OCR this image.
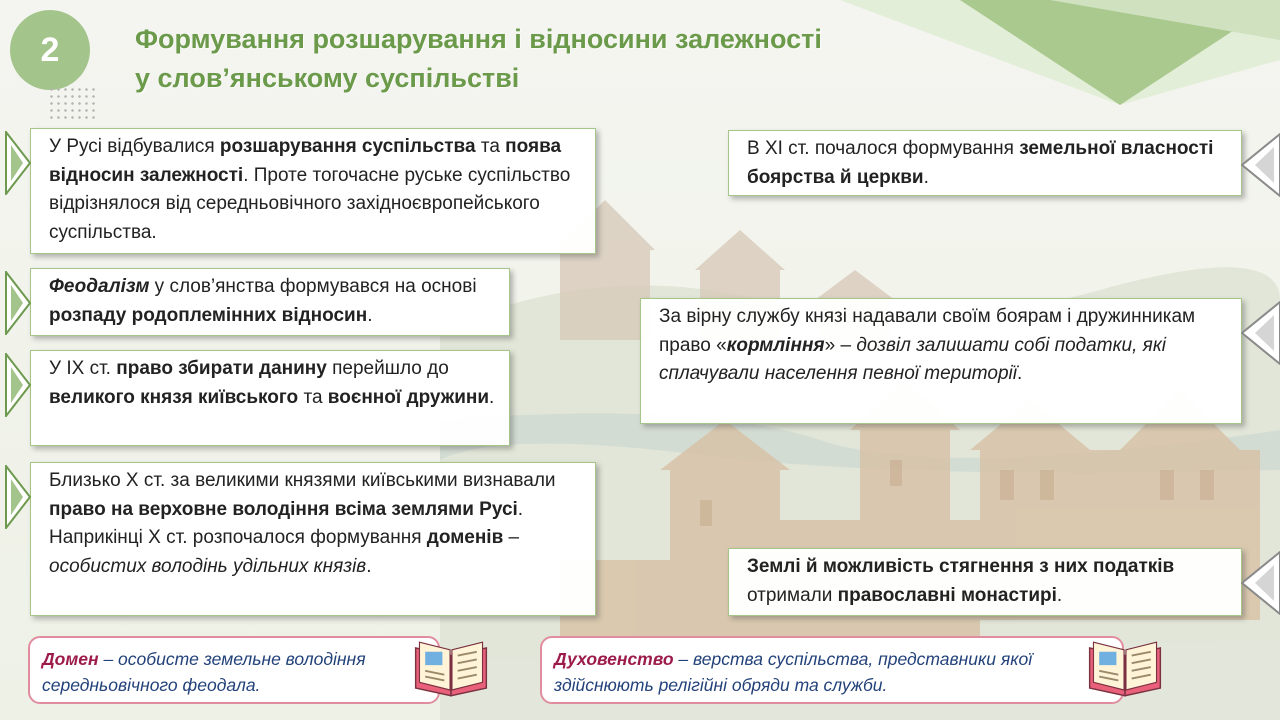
2	Формування розшарування і відносини залежності
у слов’янському суспільстві
У Русі відбувалися розшарування суспільства та поява відносин залежності. Проте тогочасне руське суспільство відрізнялося від середньовічного західноєвропейського суспільства.
Феодалізм у слов’янства формувався на основі розпаду родоплемінних відносин.
У IX ст. право збирати данину перейшло до великого князя київського та воєнної дружини.
Близько X ст. за великими князями київськими визнавали право на верховне володіння всіма землями Русі. Наприкінці X ст. розпочалося формування доменів – особистих володінь удільних князів.
В XI ст. почалося формування земельної власності боярства й церкви.
За вірну службу князі надавали своїм боярам і дружинникам право «кормління» – дозвіл залишати собі податки, які сплачували населення певної території.
Землі й можливість стягнення з них податків отримали православні монастирі.
Домен – особисте земельне володіння середньовічного феодала.
Духовенство – верства суспільства, представники якої здійснюють релігійні обряди та служби.
